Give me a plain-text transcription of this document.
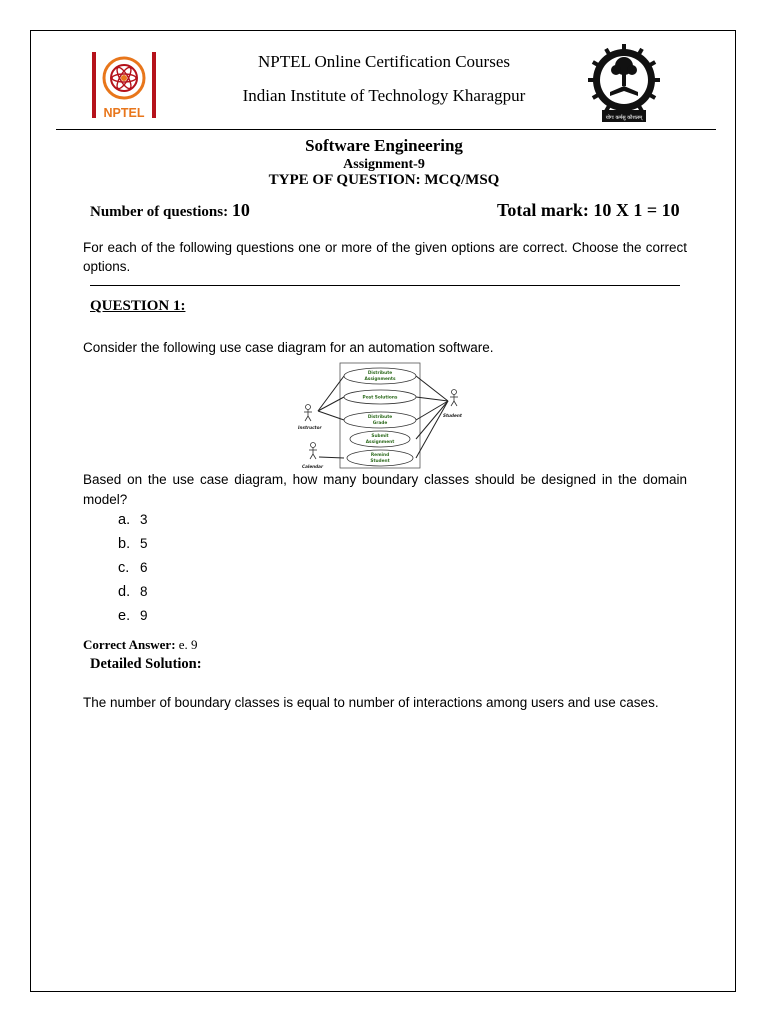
NPTEL	योगः कर्मसु कौशलम्
NPTEL Online Certification Courses
Indian Institute of Technology Kharagpur
Software Engineering
Assignment-9
TYPE OF QUESTION: MCQ/MSQ
Number of questions: 10	Total mark: 10 X 1 = 10
For each of the following questions one or more of the given options are correct. Choose the correct options.
QUESTION 1:
Consider the following use case diagram for an automation software.
Instructor
Student
Calendar
Distribute
Assignments
Post Solutions
Distribute
Grade
Submit
Assignment
Remind
Student
Based on the use case diagram, how many boundary classes should be designed in the domain model?
a. 3
b. 5
c. 6
d. 8
e. 9
Correct Answer: e. 9
Detailed Solution:
The number of boundary classes is equal to number of interactions among users and use cases.
